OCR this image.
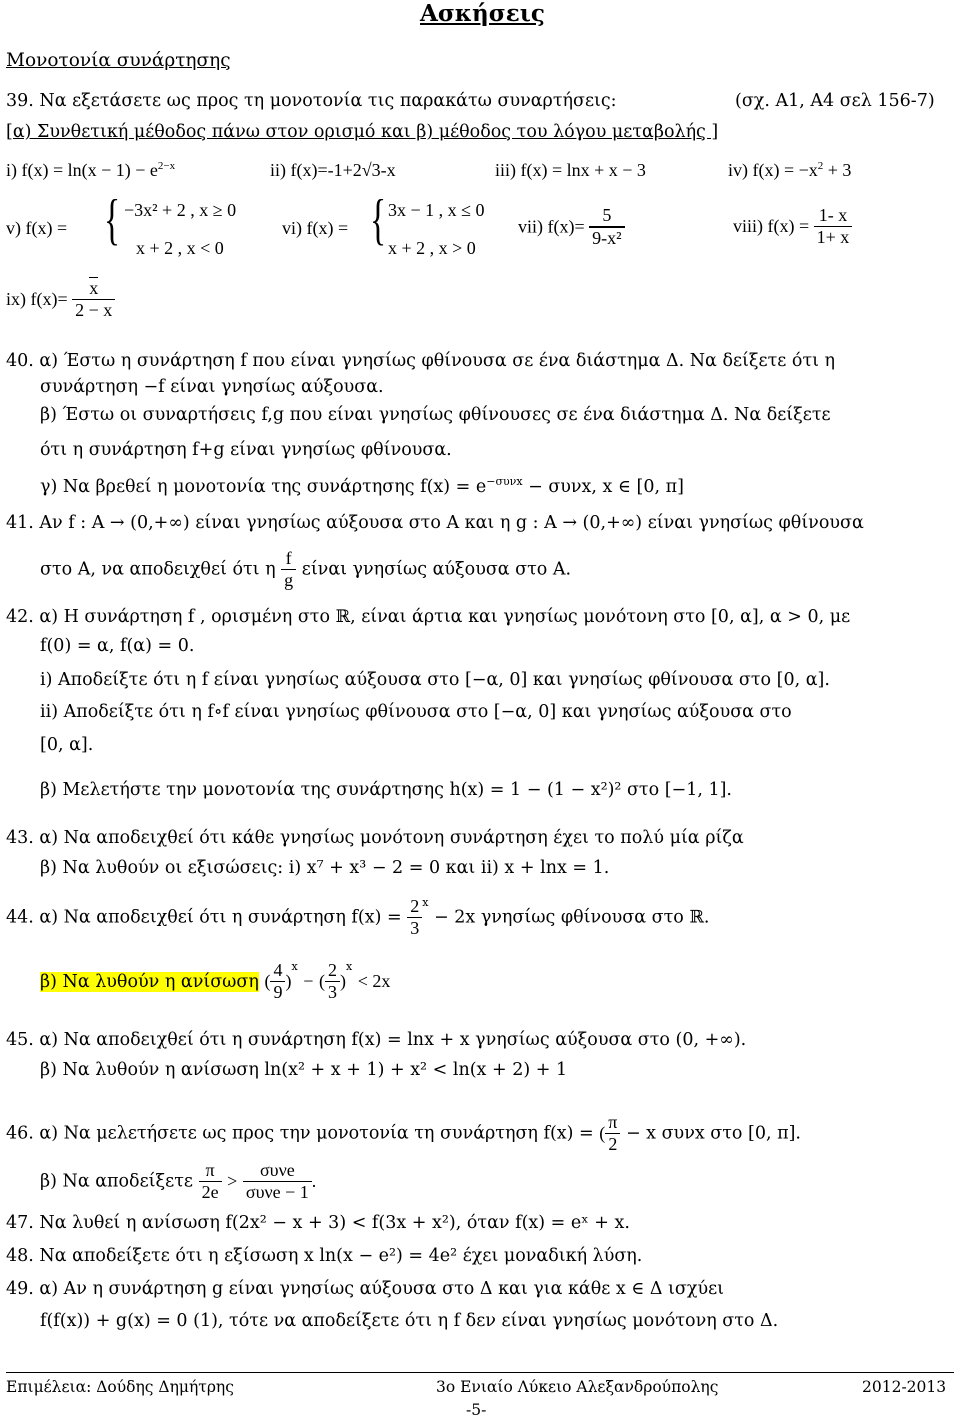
Ασκήσεις
Μονοτονία συνάρτησης
39. Να εξετάσετε ως προς τη μονοτονία τις παρακάτω συναρτήσεις:	(σχ. Α1, Α4 σελ 156-7)
[α) Συνθετική μέθοδος πάνω στον ορισμό και β) μέθοδος του λόγου μεταβολής ]
i) $f(x) = \ln(x - 1) - e^{2-x}$	ii) f(x)=-1+2√3-x	iii) f(x) = lnx + x − 3	iv) $f(x) = -x^2 + 3$
v) f(x) = { −3x² + 2 , x ≥ 0
x + 2 , x < 0
vi) f(x) = { 3x − 1 , x ≤ 0
x + 2 , x > 0
vii) $f(x)= \frac{5}{\text{9-x²}}$	viii) $f(x) = \frac{1- x}{1+ x}$
ix) $f(x)= \frac{x}{2 - x}$
40. α) Έστω η συνάρτηση f που είναι γνησίως φθίνουσα σε ένα διάστημα Δ. Να δείξετε ότι η
συνάρτηση −f είναι γνησίως αύξουσα.
β) Έστω οι συναρτήσεις f,g που είναι γνησίως φθίνουσες σε ένα διάστημα Δ. Να δείξετε
ότι η συνάρτηση f+g είναι γνησίως φθίνουσα.
γ) Να βρεθεί η μονοτονία της συνάρτησης $f(x) = e^{-\sigma\upsilon\nu x} - \sigma\upsilon\nu x$, x ∈ [0, π]
41. Αν f : A → (0,+∞) είναι γνησίως αύξουσα στο A και η g : A → (0,+∞) είναι γνησίως φθίνουσα
στο Α, να αποδειχθεί ότι η $\frac{f}{g}$ είναι γνησίως αύξουσα στο Α.
42. α) Η συνάρτηση f , ορισμένη στο ℝ, είναι άρτια και γνησίως μονότονη στο [0, α], α > 0, με
f(0) = α, f(α) = 0.
i) Αποδείξτε ότι η f είναι γνησίως αύξουσα στο [−α, 0] και γνησίως φθίνουσα στο [0, α].
ii) Αποδείξτε ότι η f∘f είναι γνησίως φθίνουσα στο [−α, 0] και γνησίως αύξουσα στο
[0, α].
β) Μελετήστε την μονοτονία της συνάρτησης h(x) = 1 − (1 − x²)² στο [−1, 1].
43. α) Να αποδειχθεί ότι κάθε γνησίως μονότονη συνάρτηση έχει το πολύ μία ρίζα
β) Να λυθούν οι εξισώσεις: i) x⁷ + x³ − 2 = 0 και ii) x + lnx = 1.
44. α) Να αποδειχθεί ότι η συνάρτηση $f(x) = \frac{2}{3} ^x - 2x$ γνησίως φθίνουσα στο ℝ.
β) Να λυθούν η ανίσωση ( $\frac{4}{9} )^x$ − ( $\frac{2}{3} )^x < 2x$
45. α) Να αποδειχθεί ότι η συνάρτηση f(x) = lnx + x γνησίως αύξουσα στο (0, +∞).
β) Να λυθούν η ανίσωση ln(x² + x + 1) + x² < ln(x + 2) + 1
46. α) Να μελετήσετε ως προς την μονοτονία τη συνάρτηση f(x) = ( $\frac{\pi}{2} - x$ συνx στο [0, π].
β) Να αποδείξετε $\frac{\pi}{2e} > \frac{\text{συνe}}{\text{συνe − 1}}$ .
47. Να λυθεί η ανίσωση f(2x² − x + 3) < f(3x + x²), όταν f(x) = eˣ + x.
48. Να αποδείξετε ότι η εξίσωση x ln(x − e²) = 4e² έχει μοναδική λύση.
49. α) Αν η συνάρτηση g είναι γνησίως αύξουσα στο Δ και για κάθε x ∈ Δ ισχύει
f(f(x)) + g(x) = 0 (1), τότε να αποδείξετε ότι η f δεν είναι γνησίως μονότονη στο Δ.
Επιμέλεια: Δούδης Δημήτρης	3ο Ενιαίο Λύκειο Αλεξανδρούπολης	2012-2013
-5-
